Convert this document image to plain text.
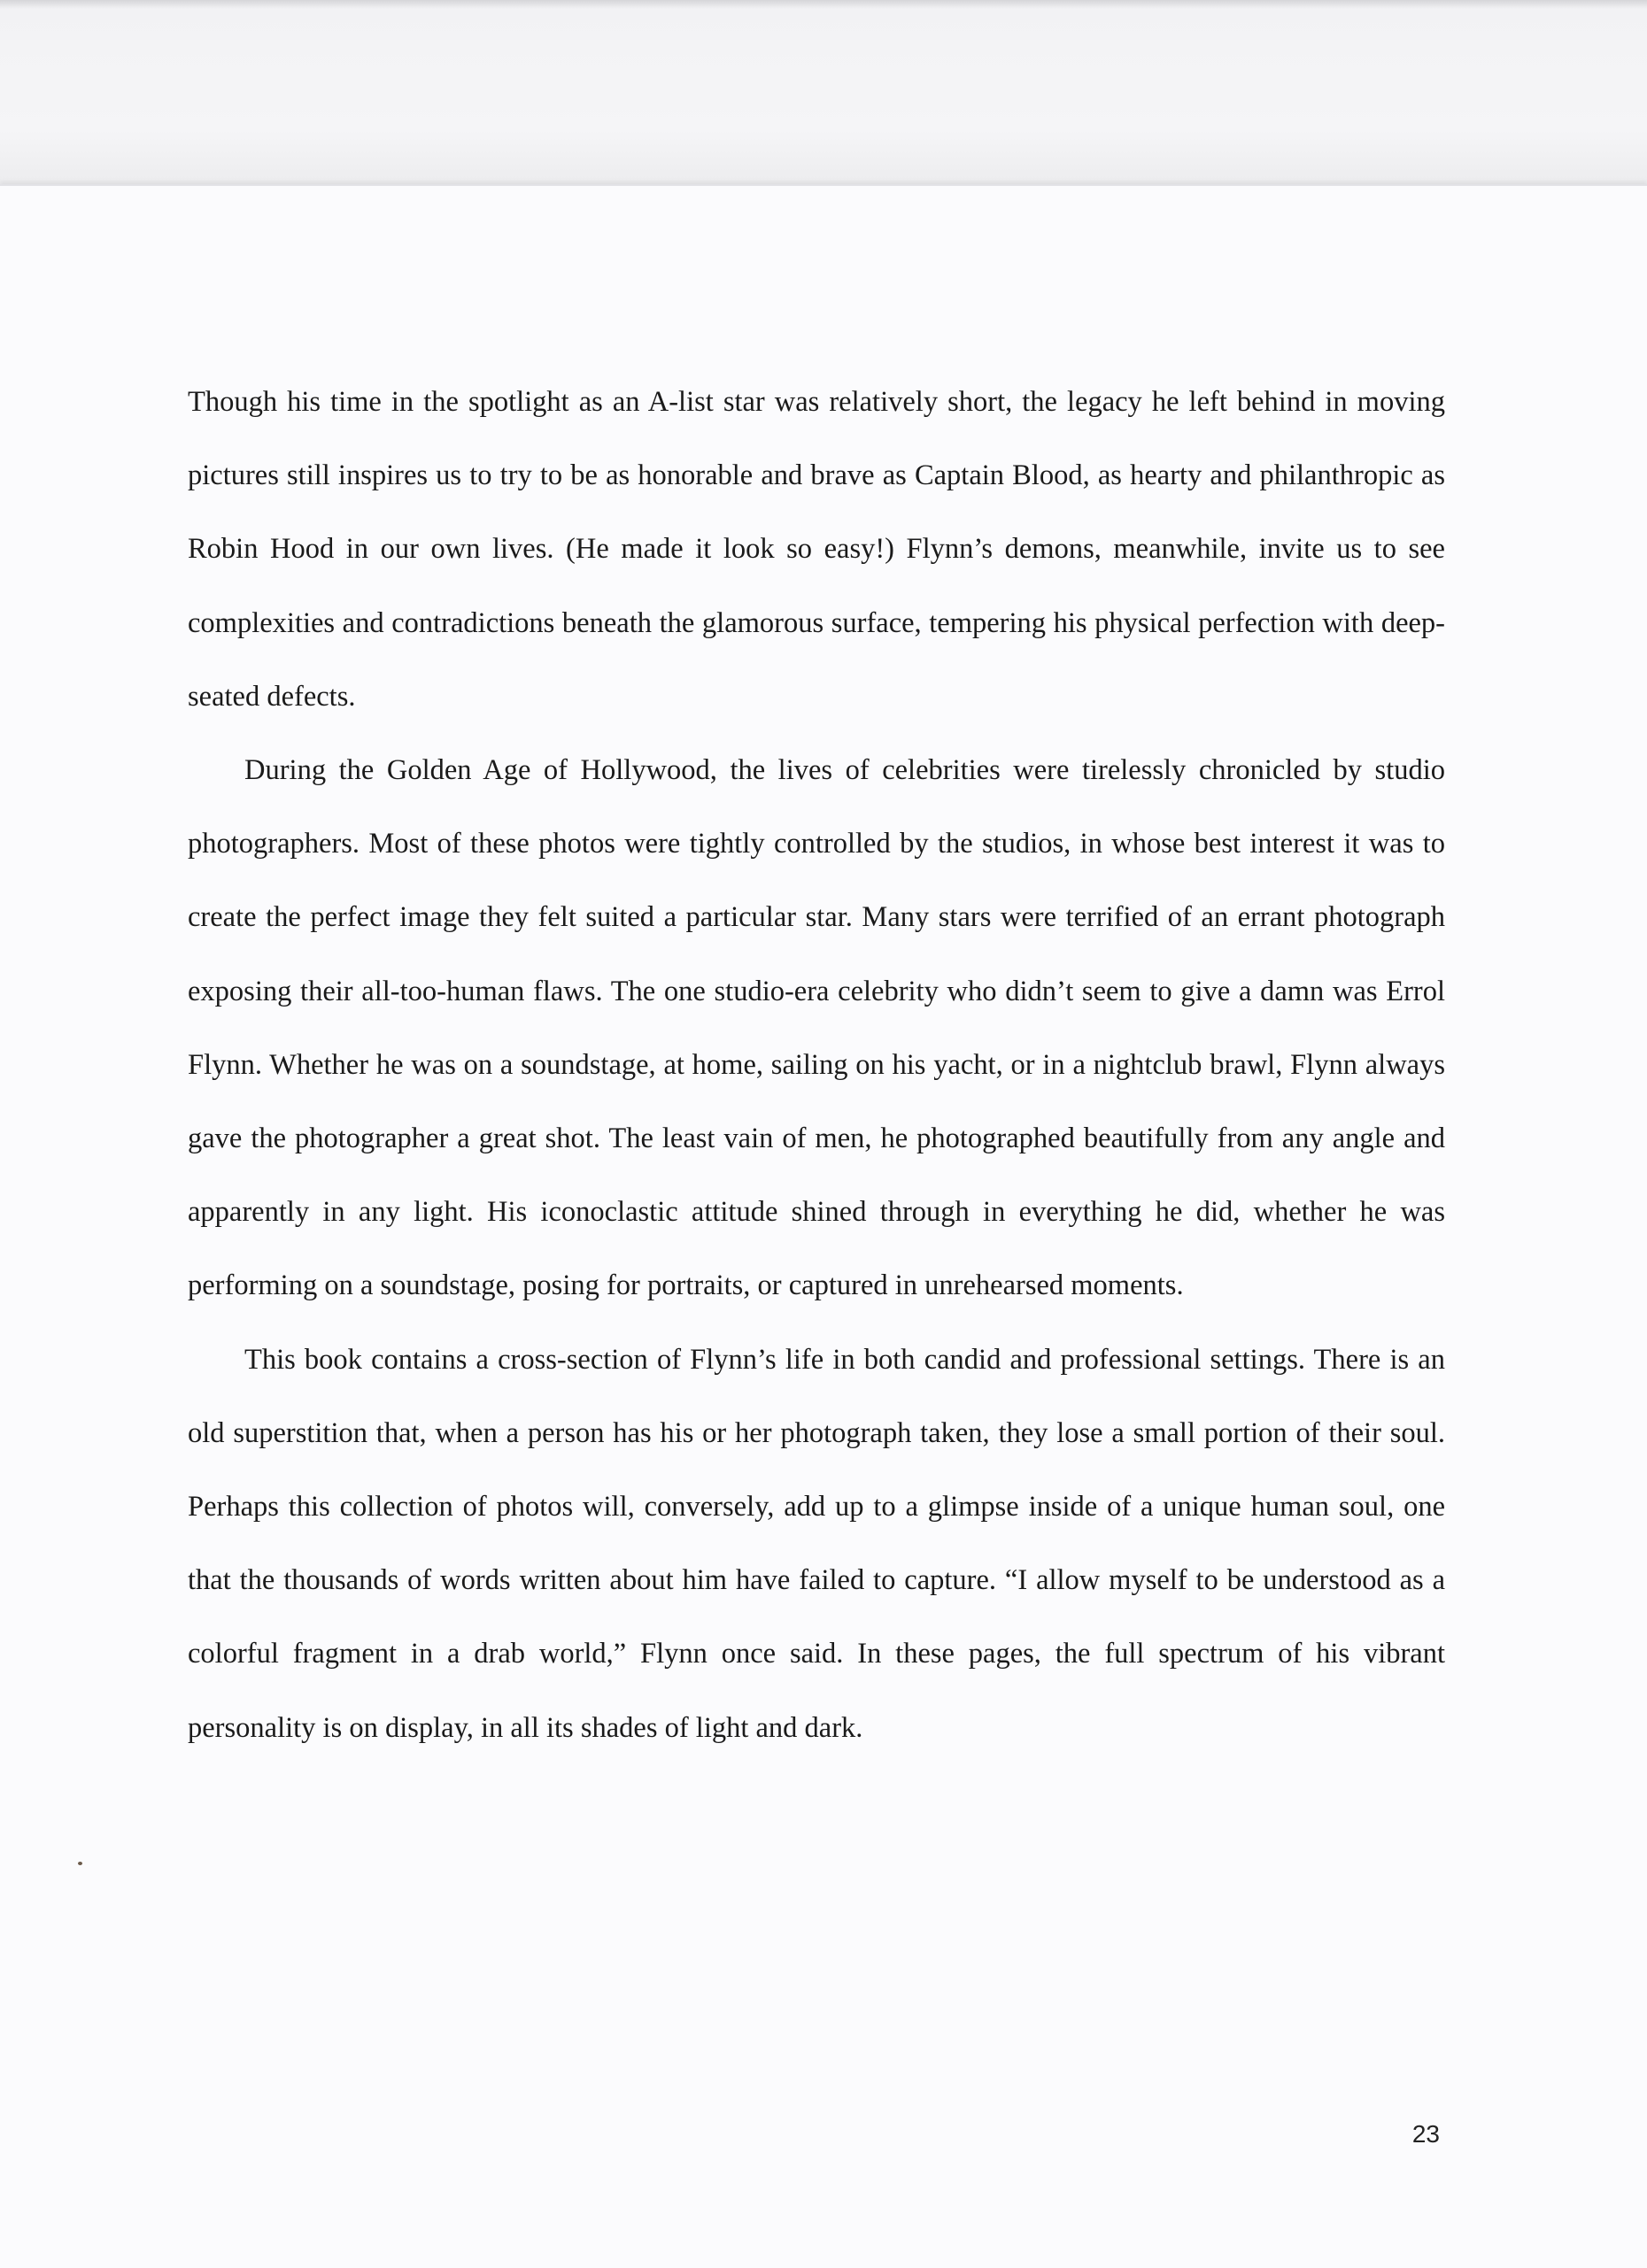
Though his time in the spotlight as an A-list star was relatively short, the legacy he left behind in moving pictures still inspires us to try to be as honorable and brave as Captain Blood, as hearty and philanthropic as Robin Hood in our own lives. (He made it look so easy!) Flynn’s demons, meanwhile, invite us to see complexities and contradictions beneath the glamorous surface, tempering his physical perfection with deep-seated defects.

During the Golden Age of Hollywood, the lives of celebrities were tirelessly chronicled by studio photographers. Most of these photos were tightly controlled by the studios, in whose best interest it was to create the perfect image they felt suited a particular star. Many stars were terrified of an errant photograph exposing their all-too-human flaws. The one studio-era celebrity who didn’t seem to give a damn was Errol Flynn. Whether he was on a soundstage, at home, sailing on his yacht, or in a nightclub brawl, Flynn always gave the photographer a great shot. The least vain of men, he photographed beautifully from any angle and apparently in any light. His iconoclastic attitude shined through in everything he did, whether he was performing on a soundstage, posing for portraits, or captured in unrehearsed moments.

This book contains a cross-section of Flynn’s life in both candid and professional settings. There is an old superstition that, when a person has his or her photograph taken, they lose a small portion of their soul. Perhaps this collection of photos will, conversely, add up to a glimpse inside of a unique human soul, one that the thousands of words written about him have failed to capture. “I allow myself to be understood as a colorful fragment in a drab world,” Flynn once said. In these pages, the full spectrum of his vibrant personality is on display, in all its shades of light and dark.

23
